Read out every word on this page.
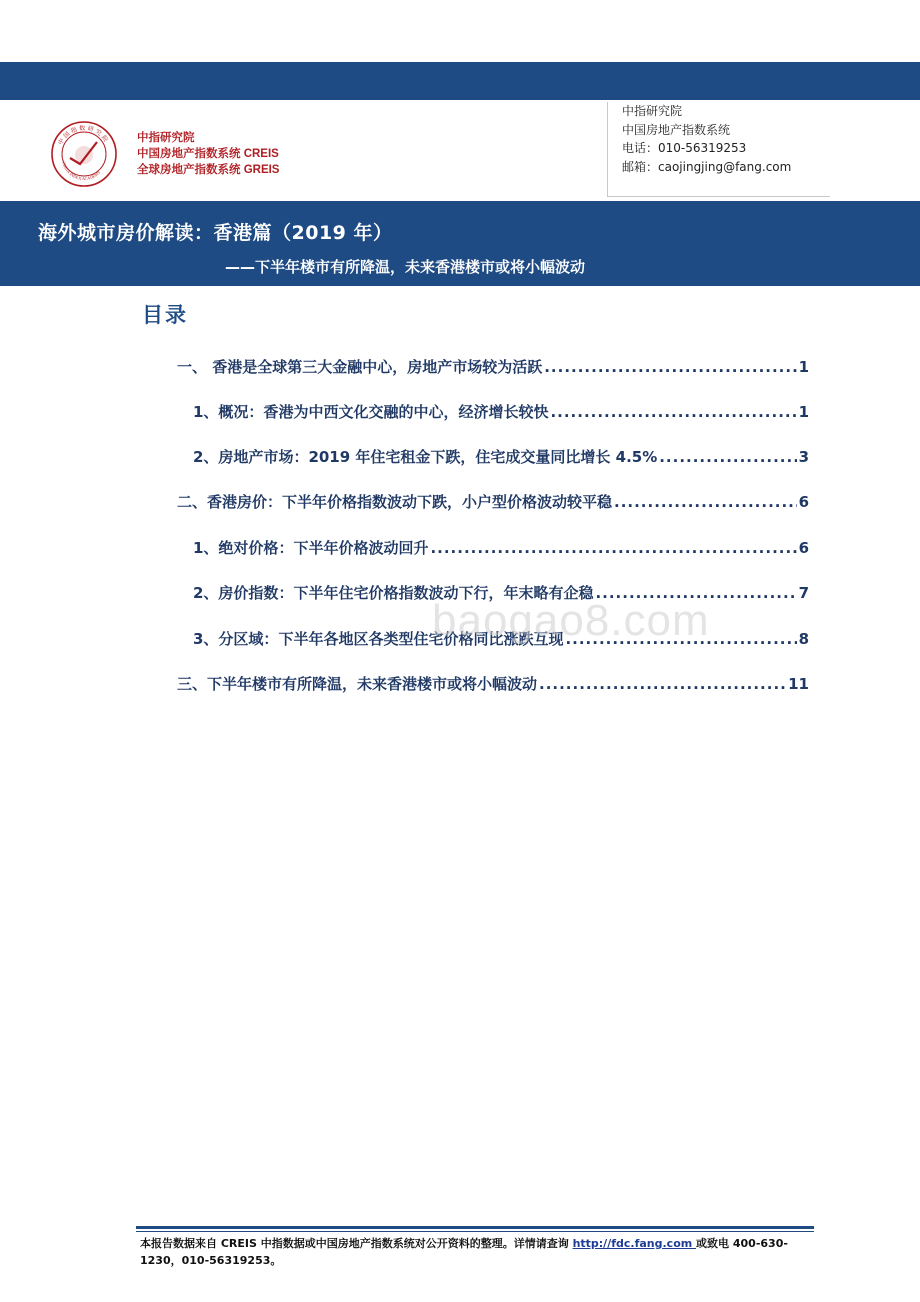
中 国 指 数 研 究 院
CHINA INDEX ACADEMY
中指研究院
中国房地产指数系统 CREIS
全球房地产指数系统 GREIS
中指研究院
中国房地产指数系统
电话：010-56319253
邮箱：caojingjing@fang.com
海外城市房价解读：香港篇（2019 年）
——下半年楼市有所降温，未来香港楼市或将小幅波动
目录
一、 香港是全球第三大金融中心，房地产市场较为活跃 .....	1
1、概况：香港为中西文化交融的中心，经济增长较快 .....	1
2、房地产市场：2019 年住宅租金下跌，住宅成交量同比增长 4.5% .....	3
二、香港房价：下半年价格指数波动下跌，小户型价格波动较平稳 .....	6
1、绝对价格：下半年价格波动回升 .....	6
2、房价指数：下半年住宅价格指数波动下行，年末略有企稳 .....	7
3、分区域：下半年各地区各类型住宅价格同比涨跌互现 .....	8
三、下半年楼市有所降温，未来香港楼市或将小幅波动 .....	11
baogao8.com
本报告数据来自 CREIS 中指数据或中国房地产指数系统对公开资料的整理。详情请查询 http://fdc.fang.com 或致电 400-630-1230，010-56319253。
